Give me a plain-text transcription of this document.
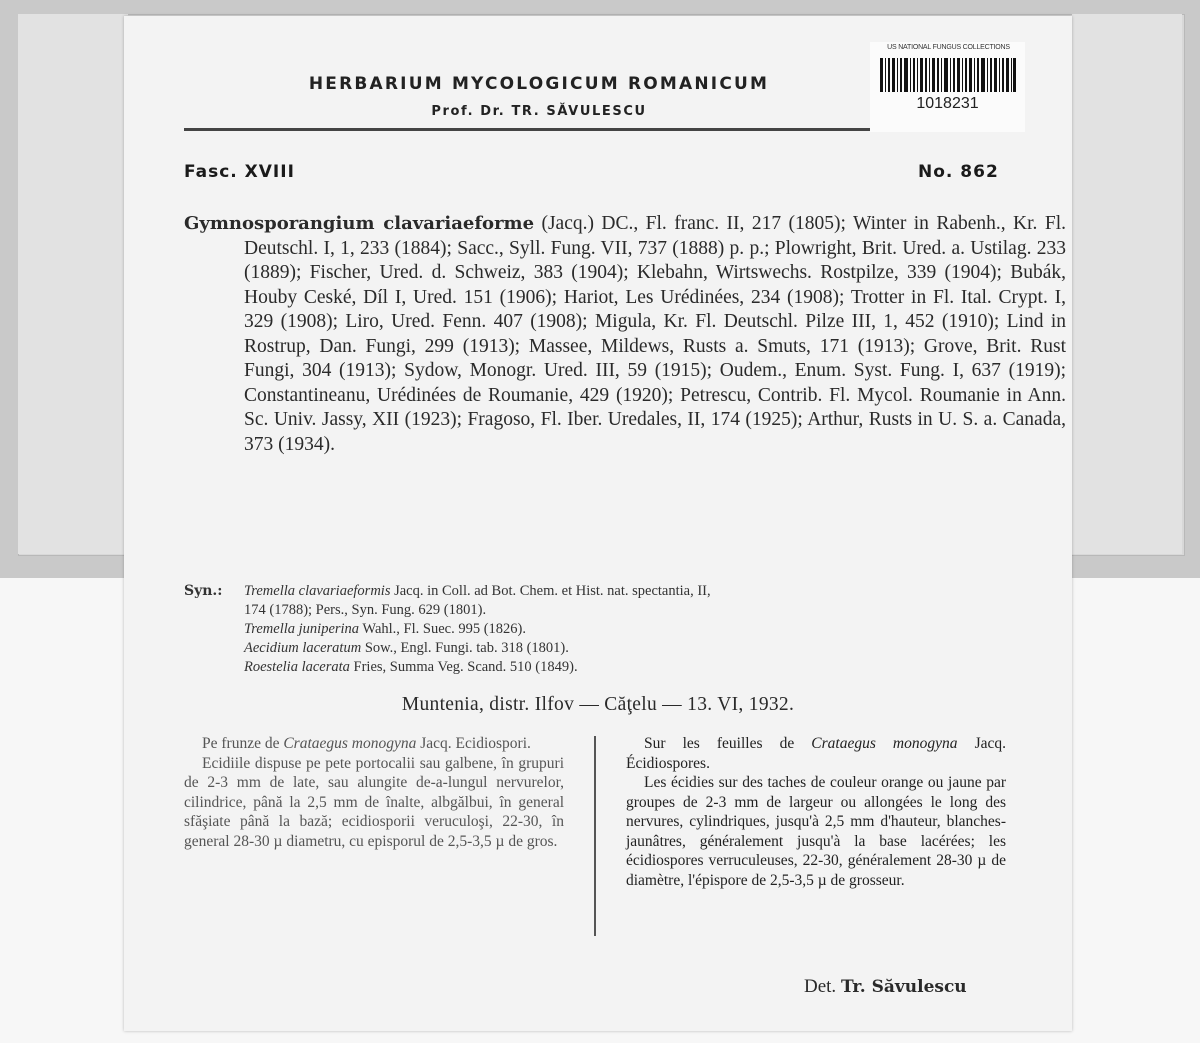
HERBARIUM MYCOLOGICUM ROMANICUM
Prof. Dr. TR. SĂVULESCU
US NATIONAL FUNGUS COLLECTIONS
1018231
Fasc. XVIII	No. 862
Gymnosporangium clavariaeforme (Jacq.) DC., Fl. franc. II, 217 (1805); Winter in Rabenh., Kr. Fl. Deutschl. I, 1, 233 (1884); Sacc., Syll. Fung. VII, 737 (1888) p. p.; Plowright, Brit. Ured. a. Ustilag. 233 (1889); Fischer, Ured. d. Schweiz, 383 (1904); Klebahn, Wirtswechs. Rostpilze, 339 (1904); Bubák, Houby Ceské, Díl I, Ured. 151 (1906); Hariot, Les Urédinées, 234 (1908); Trotter in Fl. Ital. Crypt. I, 329 (1908); Liro, Ured. Fenn. 407 (1908); Migula, Kr. Fl. Deutschl. Pilze III, 1, 452 (1910); Lind in Rostrup, Dan. Fungi, 299 (1913); Massee, Mildews, Rusts a. Smuts, 171 (1913); Grove, Brit. Rust Fungi, 304 (1913); Sydow, Monogr. Ured. III, 59 (1915); Oudem., Enum. Syst. Fung. I, 637 (1919); Constantineanu, Urédinées de Roumanie, 429 (1920); Petrescu, Contrib. Fl. Mycol. Roumanie in Ann. Sc. Univ. Jassy, XII (1923); Fragoso, Fl. Iber. Uredales, II, 174 (1925); Arthur, Rusts in U. S. a. Canada, 373 (1934).
Syn.: Tremella clavariaeformis Jacq. in Coll. ad Bot. Chem. et Hist. nat. spectantia, II,
174 (1788); Pers., Syn. Fung. 629 (1801).
Tremella juniperina Wahl., Fl. Suec. 995 (1826).
Aecidium laceratum Sow., Engl. Fungi. tab. 318 (1801).
Roestelia lacerata Fries, Summa Veg. Scand. 510 (1849).
Muntenia, distr. Ilfov — Căţelu — 13. VI, 1932.

Pe frunze de Crataegus monogyna Jacq. Ecidiospori.

Ecidiile dispuse pe pete portocalii sau galbene, în grupuri de 2-3 mm de late, sau alungite de-a-lungul nervurelor, cilindrice, până la 2,5 mm de înalte, albgălbui, în general sfăşiate până la bază; ecidiosporii veruculoşi, 22-30, în general 28-30 µ diametru, cu episporul de 2,5-3,5 µ de gros.

Sur les feuilles de Crataegus monogyna Jacq. Écidiospores.

Les écidies sur des taches de couleur orange ou jaune par groupes de 2-3 mm de largeur ou allongées le long des nervures, cylindriques, jusqu'à 2,5 mm d'hauteur, blanches-jaunâtres, généralement jusqu'à la base lacérées; les écidiospores verruculeuses, 22-30, généralement 28-30 µ de diamètre, l'épispore de 2,5-3,5 µ de grosseur.

Det. Tr. Săvulescu
